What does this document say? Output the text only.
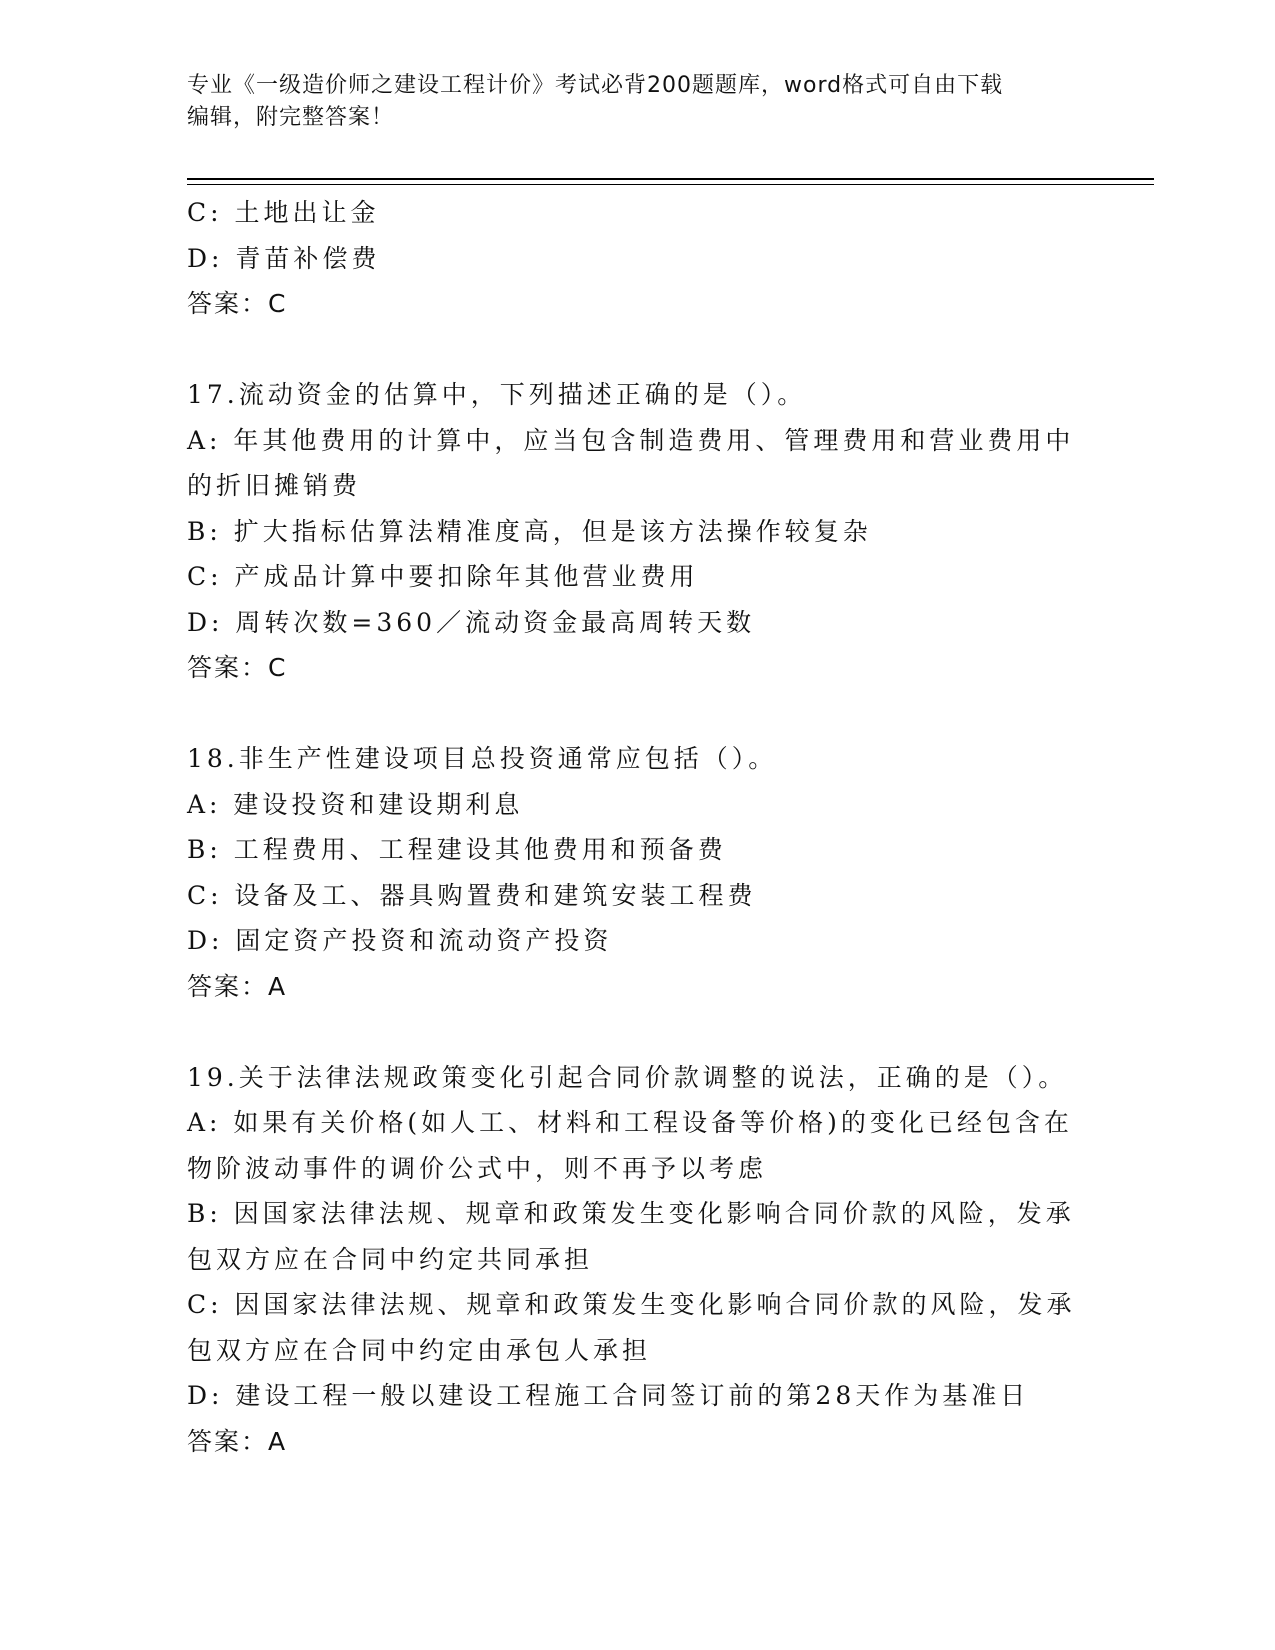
专业《一级造价师之建设工程计价》考试必背200题题库，word格式可自由下载
编辑，附完整答案！
C: 土地出让金
D: 青苗补偿费
答案：C
17.流动资金的估算中，下列描述正确的是（）。
A: 年其他费用的计算中，应当包含制造费用、管理费用和营业费用中
的折旧摊销费
B: 扩大指标估算法精准度高，但是该方法操作较复杂
C: 产成品计算中要扣除年其他营业费用
D: 周转次数=360／流动资金最高周转天数
答案：C
18.非生产性建设项目总投资通常应包括（）。
A: 建设投资和建设期利息
B: 工程费用、工程建设其他费用和预备费
C: 设备及工、器具购置费和建筑安装工程费
D: 固定资产投资和流动资产投资
答案：A
19.关于法律法规政策变化引起合同价款调整的说法，正确的是（）。
A: 如果有关价格(如人工、材料和工程设备等价格)的变化已经包含在
物阶波动事件的调价公式中，则不再予以考虑
B: 因国家法律法规、规章和政策发生变化影响合同价款的风险，发承
包双方应在合同中约定共同承担
C: 因国家法律法规、规章和政策发生变化影响合同价款的风险，发承
包双方应在合同中约定由承包人承担
D: 建设工程一般以建设工程施工合同签订前的第28天作为基准日
答案：A
